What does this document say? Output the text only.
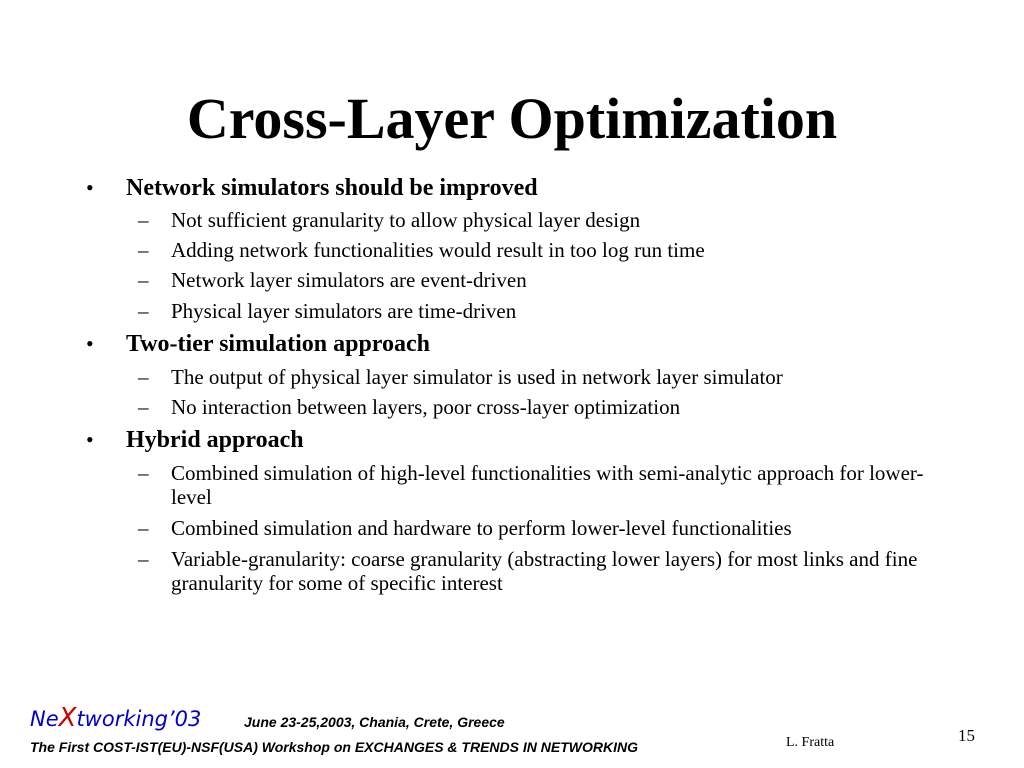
Cross-Layer Optimization
• Network simulators should be improved
– Not sufficient granularity to allow physical layer design
– Adding network functionalities would result in too log run time
– Network layer simulators are event-driven
– Physical layer simulators are time-driven
• Two-tier simulation approach
– The output of physical layer simulator is used in network layer simulator
– No interaction between layers, poor cross-layer optimization
• Hybrid approach
– Combined simulation of high-level functionalities with semi-analytic approach for lower-level
– Combined simulation and hardware to perform lower-level functionalities
– Variable-granularity: coarse granularity (abstracting lower layers) for most links and fine granularity for some of specific interest
NeXtworking’03	June 23-25,2003, Chania, Crete, Greece
The First COST-IST(EU)-NSF(USA) Workshop on EXCHANGES & TRENDS IN NETWORKING	L. Fratta	15
